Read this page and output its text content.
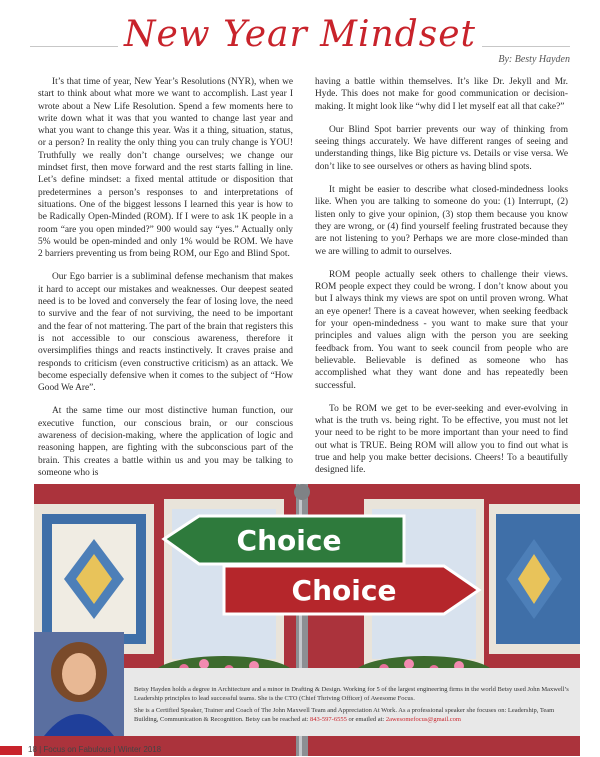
New Year Mindset
By: Besty Hayden

It’s that time of year, New Year’s Resolutions (NYR), when we start to think about what more we want to accomplish. Last year I wrote about a New Life Resolution. Spend a few moments here to write down what it was that you wanted to change last year and what you want to change this year. Was it a thing, situation, status, or a person? In reality the only thing you can truly change is YOU! Truthfully we really don’t change ourselves; we change our mindset first, then move forward and the rest starts falling in line. Let’s define mindset: a fixed mental attitude or disposition that predetermines a person’s responses to and interpretations of situations. One of the biggest lessons I learned this year is how to be Radically Open-Minded (ROM). If I were to ask 1K people in a room “are you open minded?” 900 would say “yes.” Actually only 5% would be open-minded and only 1% would be ROM. We have 2 barriers preventing us from being ROM, our Ego and Blind Spot.

Our Ego barrier is a subliminal defense mechanism that makes it hard to accept our mistakes and weaknesses. Our deepest seated need is to be loved and conversely the fear of losing love, the need to survive and the fear of not surviving, the need to be important and the fear of not mattering. The part of the brain that registers this is not accessible to our conscious awareness, therefore it oversimplifies things and reacts instinctively. It craves praise and responds to criticism (even constructive criticism) as an attack. We become especially defensive when it comes to the subject of “How Good We Are”.

At the same time our most distinctive human function, our executive function, our conscious brain, or our conscious awareness of decision-making, where the application of logic and reasoning happen, are fighting with the subconscious part of the brain. This creates a battle within us and you may be talking to someone who is

having a battle within themselves. It’s like Dr. Jekyll and Mr. Hyde. This does not make for good communication or decision-making. It might look like “why did I let myself eat all that cake?”

Our Blind Spot barrier prevents our way of thinking from seeing things accurately. We have different ranges of seeing and understanding things, like Big picture vs. Details or vise versa. We don’t like to see ourselves or others as having blind spots.

It might be easier to describe what closed-mindedness looks like. When you are talking to someone do you: (1) Interrupt, (2) listen only to give your opinion, (3) stop them because you know they are wrong, or (4) find yourself feeling frustrated because they are not listening to you? Perhaps we are more close-minded than we are willing to admit to ourselves.

ROM people actually seek others to challenge their views. ROM people expect they could be wrong. I don’t know about you but I always think my views are spot on until proven wrong. What an eye opener! There is a caveat however, when seeking feedback for your open-mindedness - you want to make sure that your principles and values align with the person you are seeking feedback from. You want to seek council from people who are believable. Believable is defined as someone who has accomplished what they want done and has repeatedly been successful.

To be ROM we get to be ever-seeking and ever-evolving in what is the truth vs. being right. To be effective, you must not let your need to be right to be more important than your need to find out what is TRUE. Being ROM will allow you to find out what is true and help you make better decisions. Cheers! To a beautifully designed life.

Choice
Choice

Betsy Hayden holds a degree in Architecture and a minor in Drafting & Design. Working for 5 of the largest engineering firms in the world Betsy used John Maxwell’s Leadership principles to lead successful teams. She is the CTO (Chief Thriving Officer) of Awesome Focus.

She is a Certified Speaker, Trainer and Coach of The John Maxwell Team and Appreciation At Work. As a professional speaker she focuses on: Leadership, Team Building, Communication & Recognition. Betsy can be reached at: 843-597-6555 or emailed at: 2awesomefocus@gmail.com

18 | Focus on Fabulous | Winter 2018
